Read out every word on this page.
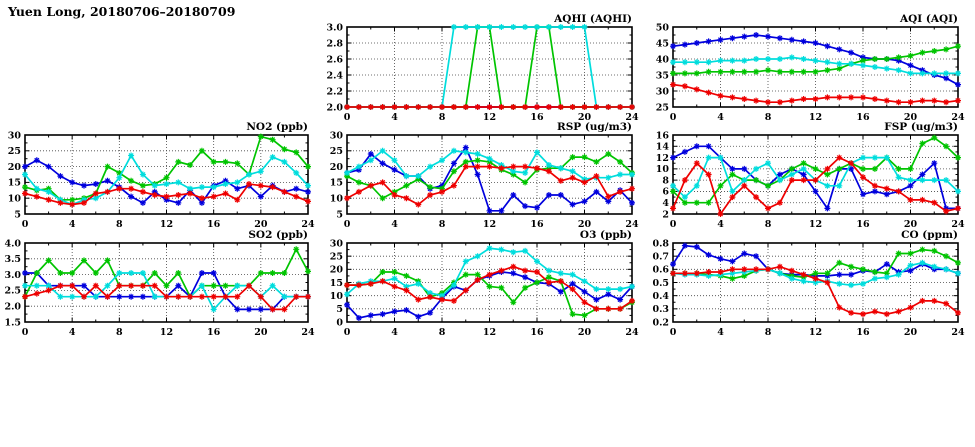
Yuen Long, 20180706–20180709
2.0
2.2
2.4
2.6
2.8
3.0
0	4	8	12	16	20	24
AQHI (AQHI)
25
30
35
40
45
50
0	4	8	12	16	20	24
AQI (AQI)
5
10
15
20
25
30
0	4	8	12	16	20	24
NO2 (ppb)
5
10
15
20
25
30
0	4	8	12	16	20	24
RSP (ug/m3)
2
4
6
8
10
12
14
16
0	4	8	12	16	20	24
FSP (ug/m3)
1.5
2.0
2.5
3.0
3.5
4.0
0	4	8	12	16	20	24
SO2 (ppb)
0
5
10
15
20
25
30
0	4	8	12	16	20	24
O3 (ppb)
0.2
0.3
0.4
0.5
0.6
0.7
0.8
0	4	8	12	16	20	24
CO (ppm)
